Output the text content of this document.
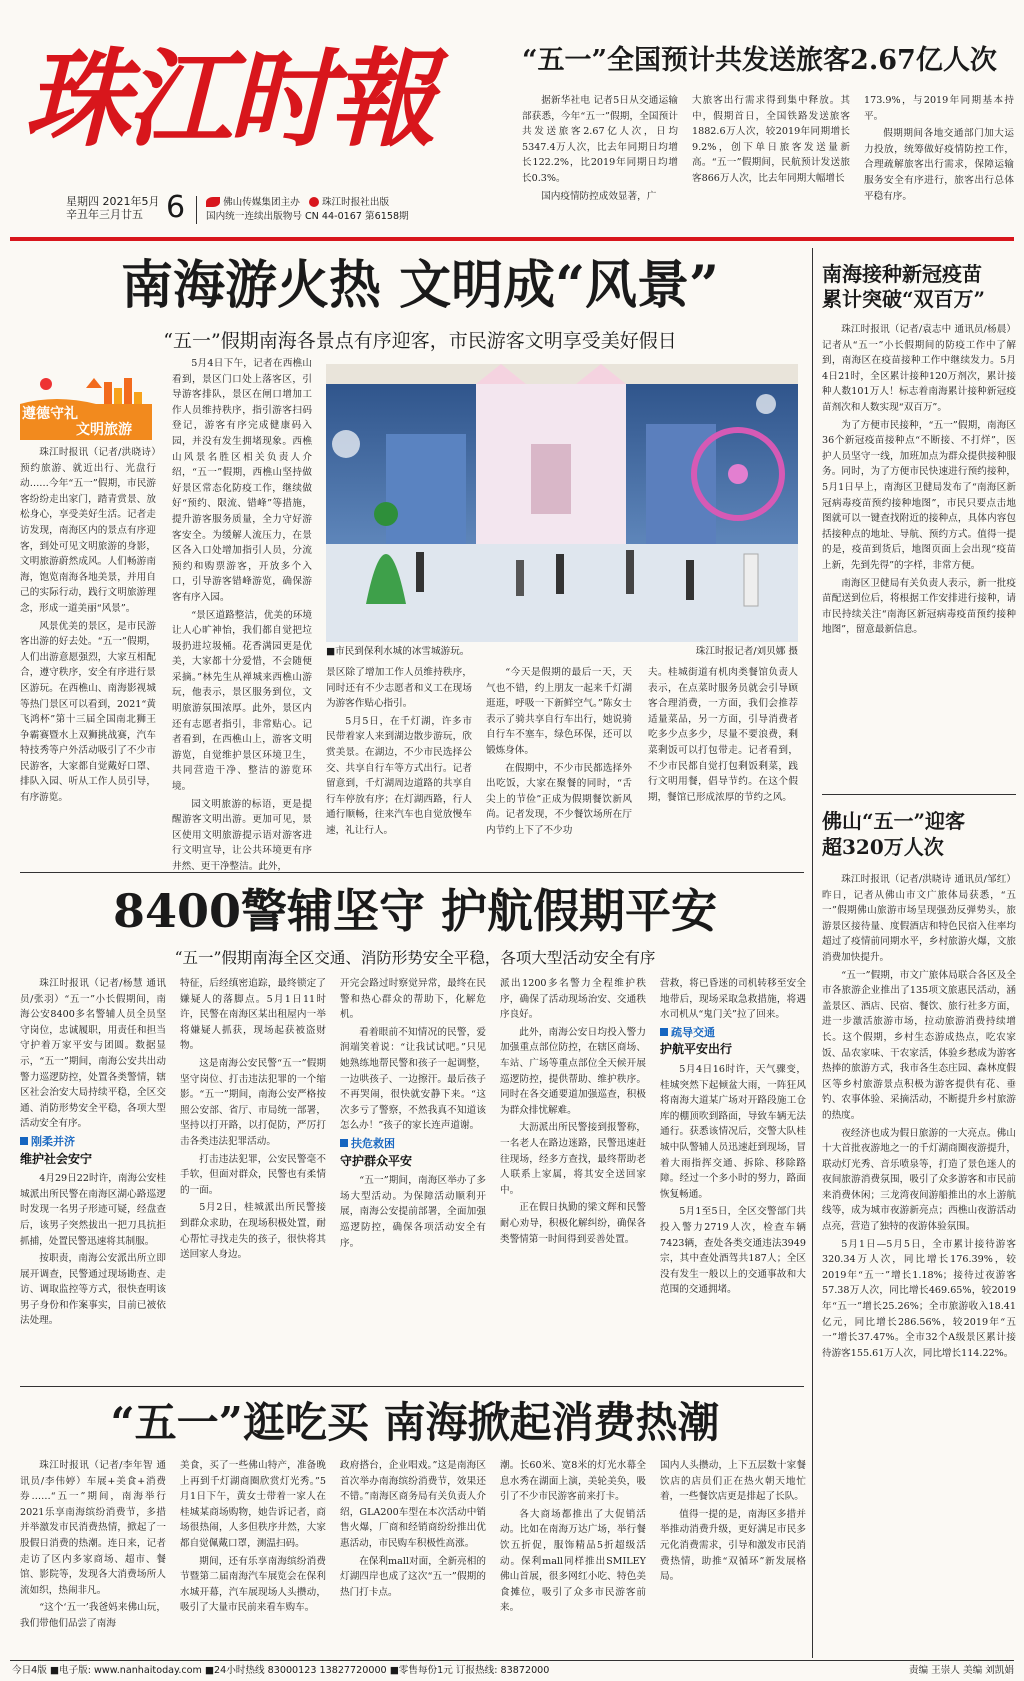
珠江时報
星期四 2021年5月
辛丑年三月廿五 6	佛山传媒集团主办 珠江时报社出版
国内统一连续出版物号 CN 44-0167 第6158期
“五一”全国预计共发送旅客2.67亿人次

据新华社电 记者5日从交通运输部获悉，今年“五一”假期，全国预计共发送旅客2.67亿人次，日均5347.4万人次，比去年同期日均增长122.2%，比2019年同期日均增长0.3%。

国内疫情防控成效显著，广

大旅客出行需求得到集中释放。其中，假期首日，全国铁路发送旅客1882.6万人次，较2019年同期增长9.2%，创下单日旅客发送量新高。“五一”假期间，民航预计发送旅客866万人次，比去年同期大幅增长

173.9%，与2019年同期基本持平。

假期期间各地交通部门加大运力投放，统筹做好疫情防控工作，合理疏解旅客出行需求，保障运输服务安全有序进行，旅客出行总体平稳有序。

南海游火热 文明成“风景”
“五一”假期南海各景点有序迎客，市民游客文明享受美好假日
遵德守礼
文明旅游

珠江时报讯（记者/洪晓诗）预约旅游、就近出行、光盘行动……今年“五一”假期，市民游客纷纷走出家门，踏青赏景、放松身心，享受美好生活。记者走访发现，南海区内的景点有序迎客，到处可见文明旅游的身影，文明旅游蔚然成风。人们畅游南海，饱览南海各地美景，并用自己的实际行动，践行文明旅游理念，形成一道美丽“风景”。

风景优美的景区，是市民游客出游的好去处。“五一”假期，人们出游意愿强烈，大家互相配合，遵守秩序，安全有序进行景区游玩。在西樵山、南海影视城等热门景区可以看到，2021“黄飞鸿杯”第十三届全国南北狮王争霸赛暨水上双狮挑战赛，汽车特技秀等户外活动吸引了不少市民游客，大家都自觉戴好口罩、排队入园、听从工作人员引导，有序游览。

5月4日下午，记者在西樵山看到，景区门口处上落客区，引导游客排队，景区在闸口增加工作人员维持秩序，指引游客扫码登记，游客有序完成健康码入园，并没有发生拥堵现象。西樵山风景名胜区相关负责人介绍，“五一”假期，西樵山坚持做好景区常态化防疫工作，继续做好“预约、限流、错峰”等措施，提升游客服务质量，全力守好游客安全。为缓解人流压力，在景区各入口处增加指引人员，分流预约和购票游客，开放多个入口，引导游客错峰游览，确保游客有序入园。

“景区道路整洁，优美的环境让人心旷神怡，我们都自觉把垃圾扔进垃圾桶。花香满园更是优美，大家都十分爱惜，不会随便采摘。”林先生从禅城来西樵山游玩，他表示，景区服务到位，文明旅游氛围浓厚。此外，景区内还有志愿者指引，非常贴心。记者看到，在西樵山上，游客文明游览，自觉维护景区环境卫生，共同营造干净、整洁的游览环境。

园文明旅游的标语，更是提醒游客文明出游。更加可见，景区使用文明旅游提示语对游客进行文明宣导，让公共环境更有序井然、更干净整洁。此外，

■市民到保利水城的冰雪城游玩。	珠江时报记者/刘贝娜 摄

景区除了增加工作人员维持秩序，同时还有不少志愿者和义工在现场为游客作贴心指引。

5月5日，在千灯湖，许多市民带着家人来到湖边散步游玩，欣赏美景。在湖边，不少市民选择公交、共享自行车等方式出行。记者留意到，千灯湖周边道路的共享自行车停放有序；在灯湖西路，行人通行顺畅，往来汽车也自觉放慢车速，礼让行人。

“今天是假期的最后一天，天气也不错，约上朋友一起来千灯湖逛逛，呼吸一下新鲜空气。”陈女士表示了骑共享自行车出行，她说骑自行车不塞车，绿色环保，还可以锻炼身体。

在假期中，不少市民都选择外出吃饭，大家在聚餐的同时，“舌尖上的节俭”正成为假期餐饮新风尚。记者发现，不少餐饮场所在厅内节约上下了不少功

夫。桂城街道有机肉类餐馆负责人表示，在点菜时服务员就会引导顾客合理消费，一方面，我们会推荐适量菜品，另一方面，引导消费者吃多少点多少，尽量不要浪费，剩菜剩饭可以打包带走。记者看到，不少市民都自觉打包剩饭剩菜，践行文明用餐，倡导节约。在这个假期，餐馆已形成浓厚的节约之风。

南海接种新冠疫苗
累计突破“双百万”

珠江时报讯（记者/袁志中 通讯员/杨晨）记者从“五一”小长假期间的防疫工作中了解到，南海区在疫苗接种工作中继续发力。5月4日21时，全区累计接种120万剂次，累计接种人数101万人！标志着南海累计接种新冠疫苗剂次和人数实现“双百万”。

为了方便市民接种，“五一”假期，南海区36个新冠疫苗接种点“不断接、不打烊”，医护人员坚守一线，加班加点为群众提供接种服务。同时，为了方便市民快速进行预约接种，5月1日早上，南海区卫健局发布了“南海区新冠病毒疫苗预约接种地图”，市民只要点击地图就可以一键查找附近的接种点，具体内容包括接种点的地址、导航、预约方式。值得一提的是，疫苗到货后，地图页面上会出现“疫苗上新，先到先得”的字样，非常方便。

南海区卫健局有关负责人表示，新一批疫苗配送到位后，将根据工作安排进行接种，请市民持续关注“南海区新冠病毒疫苗预约接种地图”，留意最新信息。

佛山“五一”迎客
超320万人次

珠江时报讯（记者/洪晓诗 通讯员/邹红）昨日，记者从佛山市文广旅体局获悉，“五一”假期佛山旅游市场呈现强劲反弹势头，旅游景区接待量、度假酒店和特色民宿入住率均超过了疫情前同期水平，乡村旅游火爆，文旅消费加快提升。

“五一”假期，市文广旅体局联合各区及全市各旅游企业推出了135项文旅惠民活动，涵盖景区、酒店、民宿、餐饮、旅行社多方面，进一步激活旅游市场，拉动旅游消费持续增长。这个假期，乡村生态游成热点，吃农家饭、品农家味、干农家活，体验乡愁成为游客热捧的旅游方式，我市各生态庄园、森林度假区等乡村旅游景点积极为游客提供有花、垂钓、农事体验、采摘活动，不断提升乡村旅游的热度。

夜经济也成为假日旅游的一大亮点。佛山十大首批夜游地之一的千灯湖商圈夜游提升，联动灯光秀、音乐喷泉等，打造了景色迷人的夜间旅游消费氛围，吸引了众多游客和市民前来消费休闲；三龙湾夜间游船推出的水上游航线等，成为城市夜游新亮点；西樵山夜游活动点亮，营造了独特的夜游体验氛围。

5月1日—5月5日，全市累计接待游客320.34万人次，同比增长176.39%，较2019年“五一”增长1.18%；接待过夜游客57.38万人次，同比增长469.65%，较2019年“五一”增长25.26%；全市旅游收入18.41亿元，同比增长286.56%，较2019年“五一”增长37.47%。全市32个A级景区累计接待游客155.61万人次，同比增长114.22%。

8400警辅坚守 护航假期平安
“五一”假期南海全区交通、消防形势安全平稳，各项大型活动安全有序

珠江时报讯（记者/杨慧 通讯员/张羽）“五一”小长假期间，南海公安8400多名警辅人员全员坚守岗位，忠诚履职，用责任和担当守护着万家平安与团圆。数据显示，“五一”期间，南海公安共出动警力巡逻防控，处置各类警情，辖区社会治安大局持续平稳，全区交通、消防形势安全平稳，各项大型活动安全有序。

刚柔并济
维护社会安宁

4月29日22时许，南海公安桂城派出所民警在南海区湖心路巡逻时发现一名男子形迹可疑，经盘查后，该男子突然拔出一把刀具抗拒抓捕，处置民警迅速将其制服。

按职责，南海公安派出所立即展开调查，民警通过现场勘查、走访、调取监控等方式，很快查明该男子身份和作案事实，目前已被依法处理。

特征，后经缜密追踪，最终锁定了嫌疑人的落脚点。5月1日11时许，民警在南海区某出租屋内一举将嫌疑人抓获，现场起获被盗财物。

这是南海公安民警“五一”假期坚守岗位、打击违法犯罪的一个缩影。“五一”期间，南海公安严格按照公安部、省厅、市局统一部署，坚持以打开路，以打促防，严厉打击各类违法犯罪活动。

打击违法犯罪，公安民警毫不手软，但面对群众，民警也有柔情的一面。

5月2日，桂城派出所民警接到群众求助，在现场积极处置，耐心帮忙寻找走失的孩子，很快将其送回家人身边。

开完会路过时察觉异常，最终在民警和热心群众的帮助下，化解危机。

看着眼前不知情况的民警，爱润端笑着说：“让我试试吧。”只见她熟练地帮民警和孩子一起调整，一边哄孩子、一边擦汗。最后孩子不再哭闹，很快就安静下来。“这次多亏了警察，不然我真不知道该怎么办！”孩子的家长连声道谢。

扶危救困
守护群众平安

“五一”期间，南海区举办了多场大型活动。为保障活动顺利开展，南海公安提前部署，全面加强巡逻防控，确保各项活动安全有序。

派出1200多名警力全程维护秩序，确保了活动现场治安、交通秩序良好。

此外，南海公安日均投入警力加强重点部位防控，在辖区商场、车站、广场等重点部位全天候开展巡逻防控，提供帮助、维护秩序。同时在各交通要道加强巡查，积极为群众排忧解难。

大沥派出所民警接到报警称，一名老人在路边迷路，民警迅速赶往现场，经多方查找，最终帮助老人联系上家属，将其安全送回家中。

正在假日执勤的梁文辉和民警耐心劝导，积极化解纠纷，确保各类警情第一时间得到妥善处置。

营救，将已昏迷的司机转移至安全地带后，现场采取急救措施，将遇水司机从“鬼门关”拉了回来。

疏导交通
护航平安出行

5月4日16时许，天气骤变，桂城突然下起倾盆大雨，一阵狂风将南海大道某广场对开路段施工仓库的棚顶吹到路面，导致车辆无法通行。获悉该情况后，交警大队桂城中队警辅人员迅速赶到现场，冒着大雨指挥交通、拆除、移除路障。经过一个多小时的努力，路面恢复畅通。

5月1至5日，全区交警部门共投入警力2719人次，检查车辆7423辆，查处各类交通违法3949宗，其中查处酒驾共187人；全区没有发生一般以上的交通事故和大范围的交通拥堵。

“五一”逛吃买 南海掀起消费热潮

珠江时报讯（记者/李年智 通讯员/李伟婷）车展+美食+消费券……“五一”期间，南海举行2021乐享南海缤纷消费节，多措并举激发市民消费热情，掀起了一股假日消费的热潮。连日来，记者走访了区内多家商场、超市、餐馆、影院等，发现各大消费场所人流如织，热闹非凡。

“这个‘五一’我爸妈来佛山玩，我们带他们品尝了南海

美食，买了一些佛山特产，准备晚上再到千灯湖商圈欣赏灯光秀。”5月1日下午，黄女士带着一家人在桂城某商场购物，她告诉记者，商场很热闹，人多但秩序井然，大家都自觉佩戴口罩，测温扫码。

期间，还有乐享南海缤纷消费节暨第二届南海汽车展览会在保利水城开幕，汽车展现场人头攒动，吸引了大量市民前来看车购车。

政府搭台，企业唱戏。”这是南海区首次举办南海缤纷消费节，效果还不错。”南海区商务局有关负责人介绍，GLA200车型在本次活动中销售火爆，厂商和经销商纷纷推出优惠活动，市民购车积极性高涨。

在保利mall对面，全新亮相的灯湖四岸也成了这次“五一”假期的热门打卡点。

潮。长60米、宽8米的灯光水幕全息水秀在湖面上演，美轮美奂，吸引了不少市民游客前来打卡。

各大商场都推出了大促销活动。比如在南海万达广场，举行餐饮五折促，服饰精品5折超级活动。保利mall同样推出SMILEY佛山首展，很多网红小吃、特色美食摊位，吸引了众多市民游客前来。

国内人头攒动，上下五层数十家餐饮店的店员们正在热火朝天地忙着，一些餐饮店更是排起了长队。

值得一提的是，南海区多措并举推动消费升级，更好满足市民多元化消费需求，引导和激发市民消费热情，助推“双循环”新发展格局。

今日4版 ■电子版: www.nanhaitoday.com ■24小时热线 83000123 13827720000 ■零售每份1元 订报热线: 83872000	责编 王崇人 美编 刘凯娟
